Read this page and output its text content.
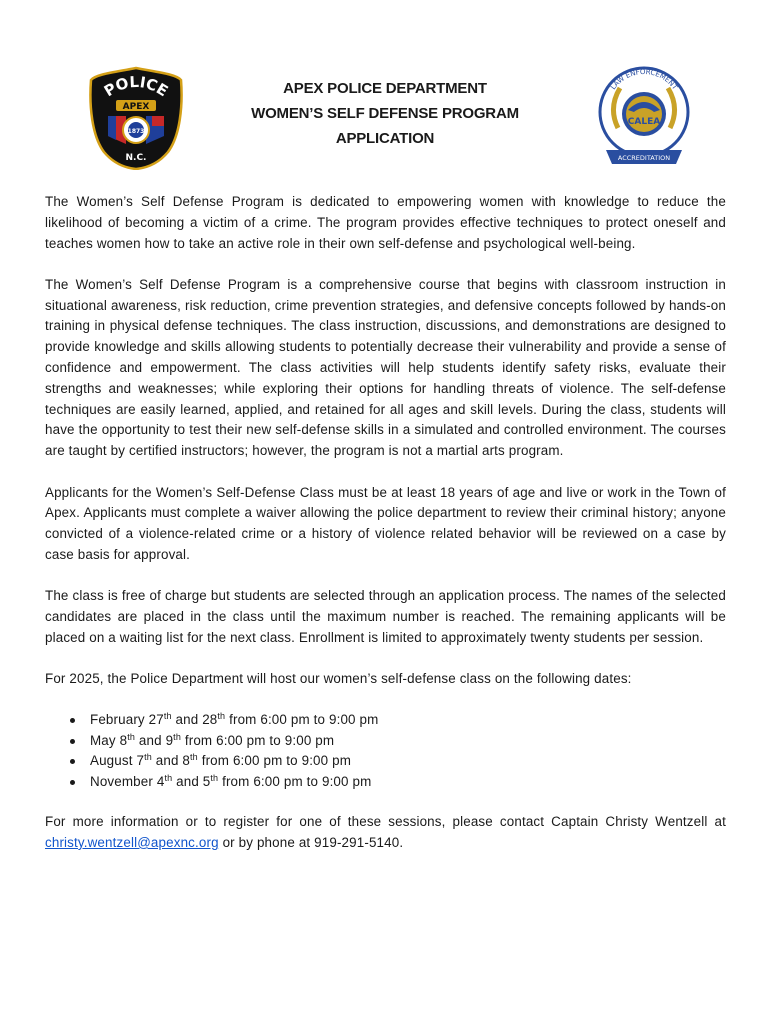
POLICE
APEX
1873
N.C.
APEX POLICE DEPARTMENT
WOMEN’S SELF DEFENSE PROGRAM
APPLICATION
LAW ENFORCEMENT
CALEA
ACCREDITATION

The Women’s Self Defense Program is dedicated to empowering women with knowledge to reduce the likelihood of becoming a victim of a crime. The program provides effective techniques to protect oneself and teaches women how to take an active role in their own self-defense and psychological well-being.

The Women’s Self Defense Program is a comprehensive course that begins with classroom instruction in situational awareness, risk reduction, crime prevention strategies, and defensive concepts followed by hands-on training in physical defense techniques. The class instruction, discussions, and demonstrations are designed to provide knowledge and skills allowing students to potentially decrease their vulnerability and provide a sense of confidence and empowerment. The class activities will help students identify safety risks, evaluate their strengths and weaknesses; while exploring their options for handling threats of violence. The self-defense techniques are easily learned, applied, and retained for all ages and skill levels. During the class, students will have the opportunity to test their new self-defense skills in a simulated and controlled environment. The courses are taught by certified instructors; however, the program is not a martial arts program.

Applicants for the Women’s Self-Defense Class must be at least 18 years of age and live or work in the Town of Apex. Applicants must complete a waiver allowing the police department to review their criminal history; anyone convicted of a violence-related crime or a history of violence related behavior will be reviewed on a case by case basis for approval.

The class is free of charge but students are selected through an application process. The names of the selected candidates are placed in the class until the maximum number is reached. The remaining applicants will be placed on a waiting list for the next class. Enrollment is limited to approximately twenty students per session.

For 2025, the Police Department will host our women’s self-defense class on the following dates:

February 27th and 28th from 6:00 pm to 9:00 pm
May 8th and 9th from 6:00 pm to 9:00 pm
August 7th and 8th from 6:00 pm to 9:00 pm
November 4th and 5th from 6:00 pm to 9:00 pm

For more information or to register for one of these sessions, please contact Captain Christy Wentzell at christy.wentzell@apexnc.org or by phone at 919-291-5140.
